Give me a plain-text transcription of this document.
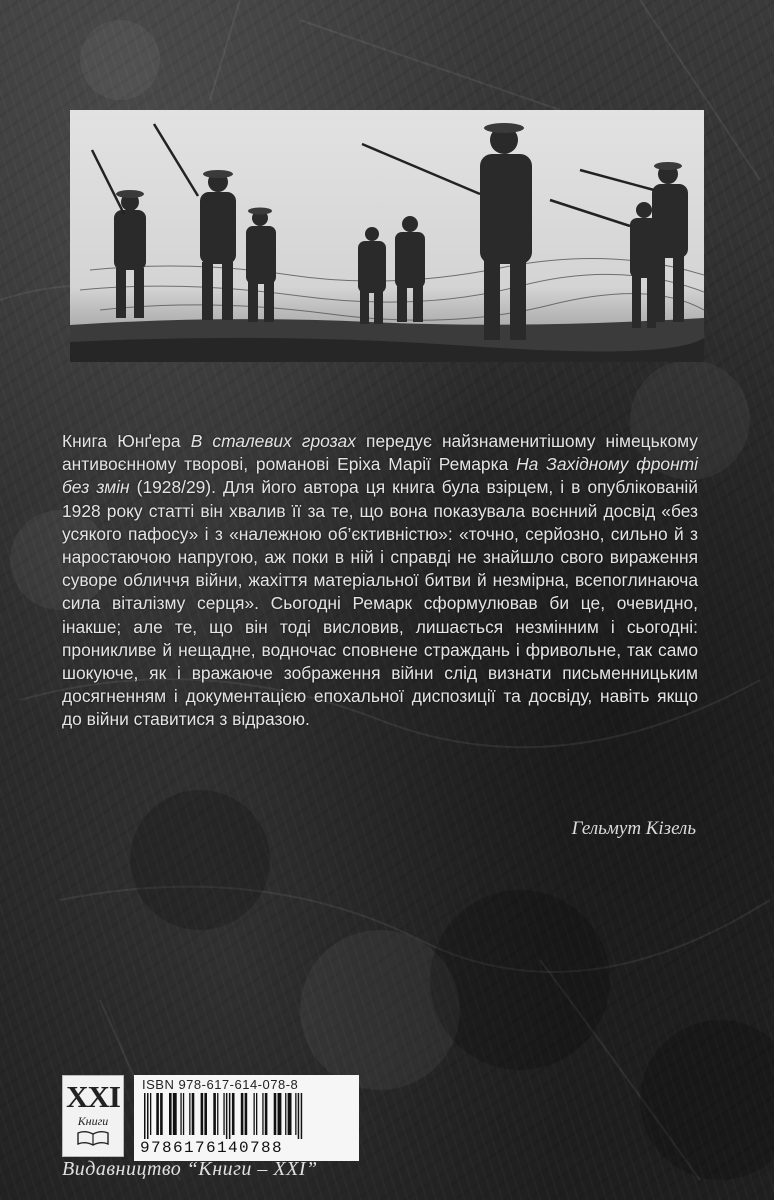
Книга Юнґера В сталевих грозах передує найзнаменитішому німецькому антивоєнному творові, романові Еріха Марії Ремарка На Західному фронті без змін (1928/29). Для його автора ця книга була взірцем, і в опублікованій 1928 року статті він хвалив її за те, що вона показувала воєнний досвід «без усякого пафосу» і з «належною об’єктивністю»: «точно, серйозно, сильно й з наростаючою напругою, аж поки в ній і справді не знайшло свого вираження суворе обличчя війни, жахіття матеріальної битви й незмірна, всепоглинаюча сила віталізму серця». Сьогодні Ремарк сформулював би це, очевидно, інакше; але те, що він тоді висловив, лишається незмінним і сьогодні: проникливе й нещадне, водночас сповнене страждань і фривольне, так само шокуюче, як і вражаюче зображення війни слід визнати письменницьким досягненням і документацією епохальної диспозиції та досвіду, навіть якщо до війни ставитися з відразою.
Гельмут Кізель
XXI
Книги
ISBN 978-617-614-078-8
9786176140788
Видавництво “Книги – XXI”
